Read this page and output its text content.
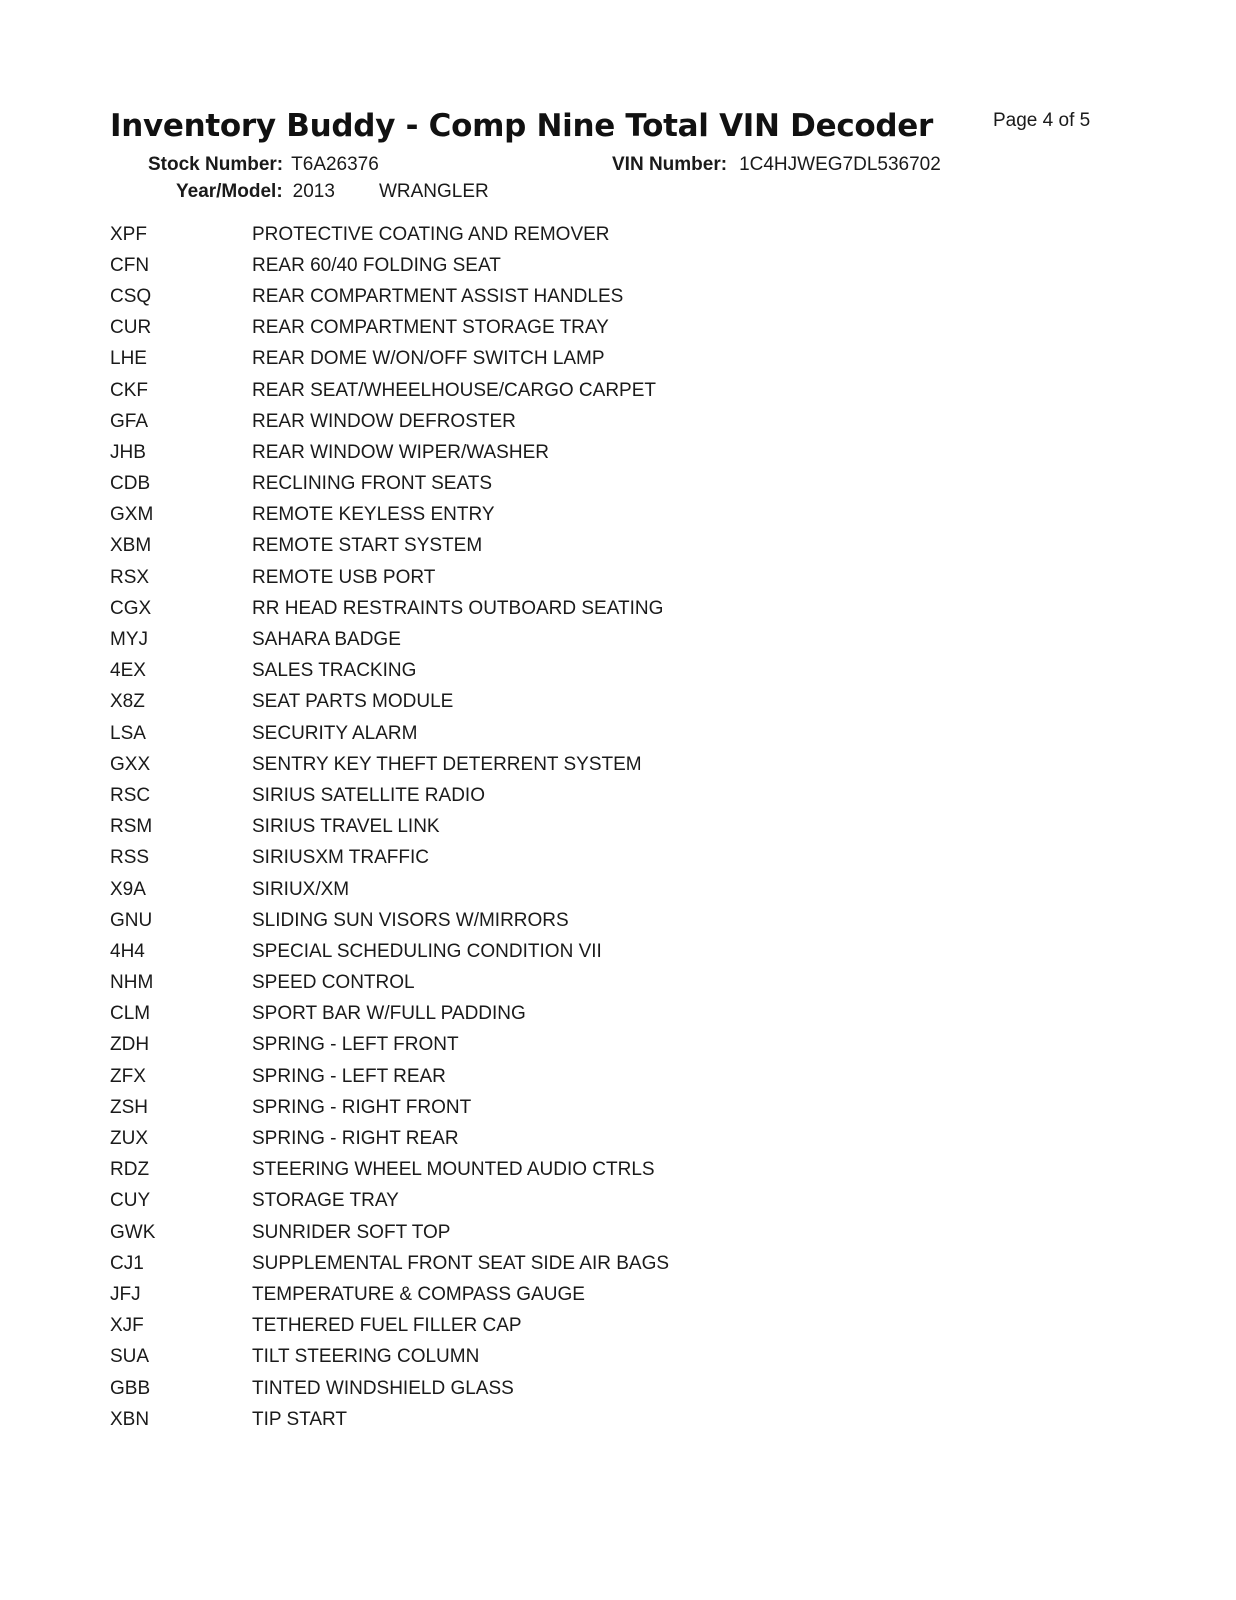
Inventory Buddy - Comp Nine Total VIN Decoder	Page 4 of 5
Stock Number: T6A26376	VIN Number: 1C4HJWEG7DL536702
Year/Model: 2013 WRANGLER
XPF	PROTECTIVE COATING AND REMOVER
CFN	REAR 60/40 FOLDING SEAT
CSQ	REAR COMPARTMENT ASSIST HANDLES
CUR	REAR COMPARTMENT STORAGE TRAY
LHE	REAR DOME W/ON/OFF SWITCH LAMP
CKF	REAR SEAT/WHEELHOUSE/CARGO CARPET
GFA	REAR WINDOW DEFROSTER
JHB	REAR WINDOW WIPER/WASHER
CDB	RECLINING FRONT SEATS
GXM	REMOTE KEYLESS ENTRY
XBM	REMOTE START SYSTEM
RSX	REMOTE USB PORT
CGX	RR HEAD RESTRAINTS OUTBOARD SEATING
MYJ	SAHARA BADGE
4EX	SALES TRACKING
X8Z	SEAT PARTS MODULE
LSA	SECURITY ALARM
GXX	SENTRY KEY THEFT DETERRENT SYSTEM
RSC	SIRIUS SATELLITE RADIO
RSM	SIRIUS TRAVEL LINK
RSS	SIRIUSXM TRAFFIC
X9A	SIRIUX/XM
GNU	SLIDING SUN VISORS W/MIRRORS
4H4	SPECIAL SCHEDULING CONDITION VII
NHM	SPEED CONTROL
CLM	SPORT BAR W/FULL PADDING
ZDH	SPRING - LEFT FRONT
ZFX	SPRING - LEFT REAR
ZSH	SPRING - RIGHT FRONT
ZUX	SPRING - RIGHT REAR
RDZ	STEERING WHEEL MOUNTED AUDIO CTRLS
CUY	STORAGE TRAY
GWK	SUNRIDER SOFT TOP
CJ1	SUPPLEMENTAL FRONT SEAT SIDE AIR BAGS
JFJ	TEMPERATURE & COMPASS GAUGE
XJF	TETHERED FUEL FILLER CAP
SUA	TILT STEERING COLUMN
GBB	TINTED WINDSHIELD GLASS
XBN	TIP START
